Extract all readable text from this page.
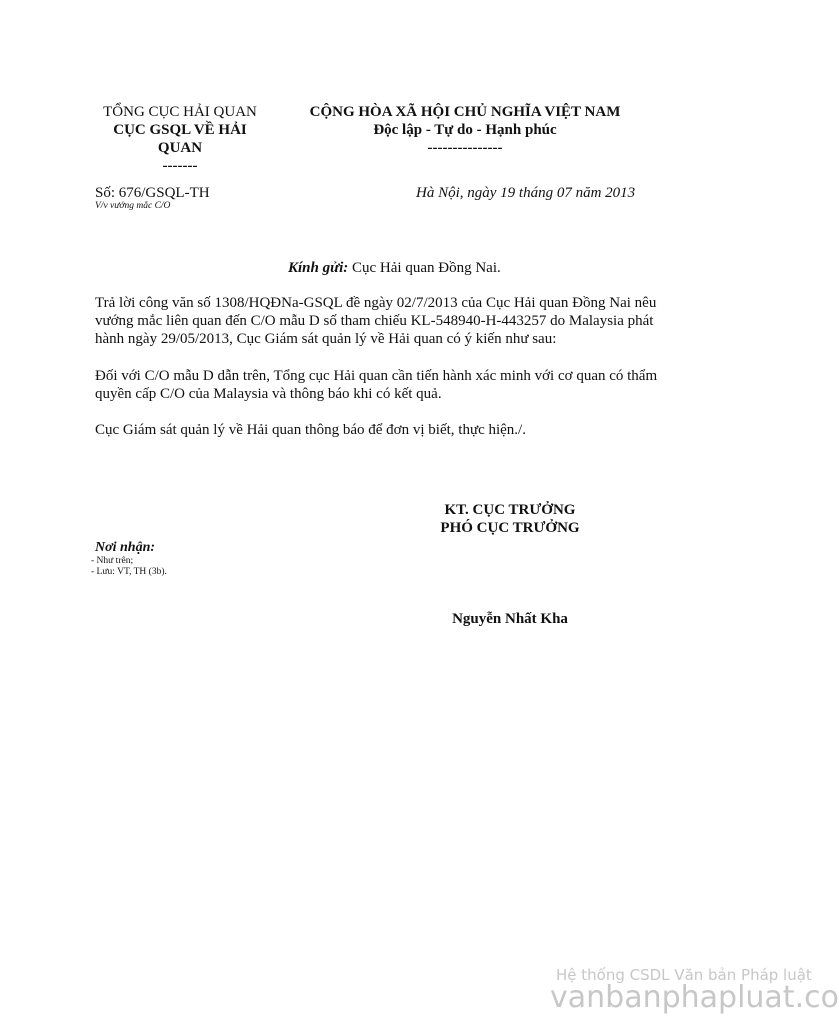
TỔNG CỤC HẢI QUAN
CỤC GSQL VỀ HẢI
QUAN
-------
CỘNG HÒA XÃ HỘI CHỦ NGHĨA VIỆT NAM
Độc lập - Tự do - Hạnh phúc
---------------
Số: 676/GSQL-TH
V/v vướng mắc C/O
Hà Nội, ngày 19 tháng 07 năm 2013
Kính gửi: Cục Hải quan Đồng Nai.
Trả lời công văn số 1308/HQĐNa-GSQL đề ngày 02/7/2013 của Cục Hải quan Đồng Nai nêu
vướng mắc liên quan đến C/O mẫu D số tham chiếu KL-548940-H-443257 do Malaysia phát
hành ngày 29/05/2013, Cục Giám sát quản lý về Hải quan có ý kiến như sau:
Đối với C/O mẫu D dẫn trên, Tổng cục Hải quan cần tiến hành xác minh với cơ quan có thẩm
quyền cấp C/O của Malaysia và thông báo khi có kết quả.
Cục Giám sát quản lý về Hải quan thông báo để đơn vị biết, thực hiện./.
KT. CỤC TRƯỞNG
PHÓ CỤC TRƯỞNG
Nguyễn Nhất Kha
Nơi nhận:
- Như trên;
- Lưu: VT, TH (3b).
Hệ thống CSDL Văn bản Pháp luật
vanbanphapluat.co
